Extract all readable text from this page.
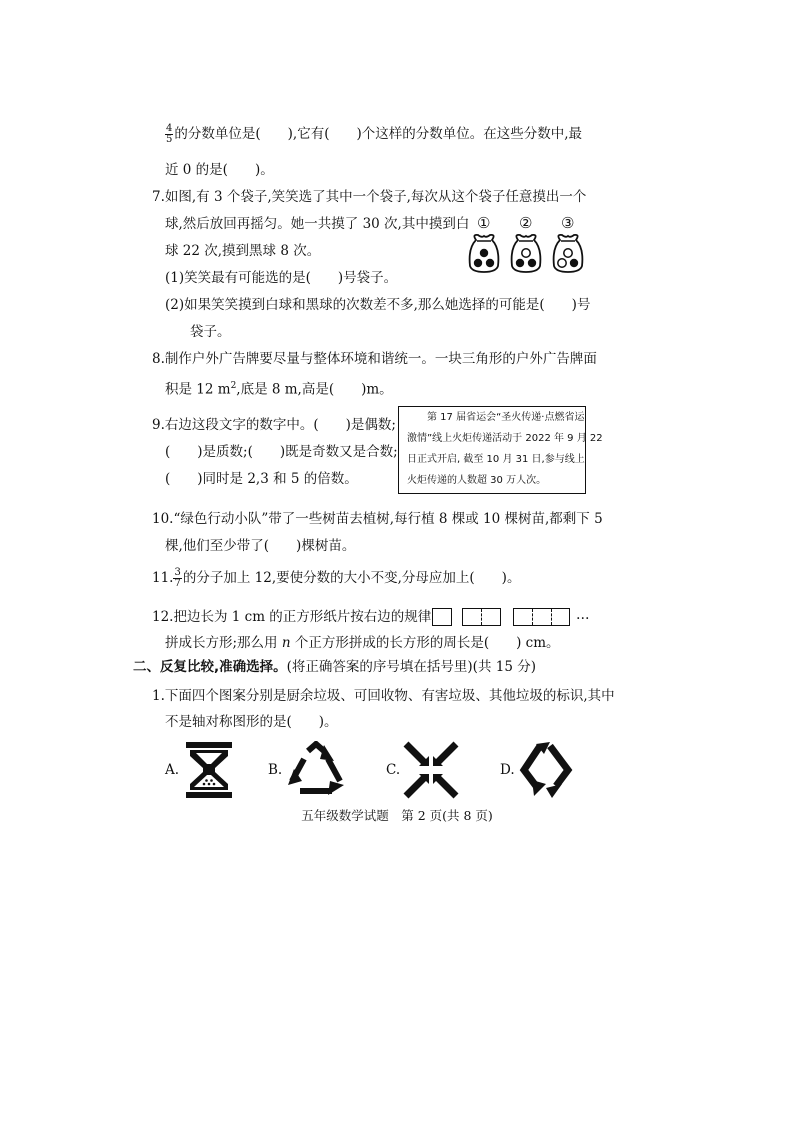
$\frac{4}{5}$ 的分数单位是(　　),它有(　　)个这样的分数单位。在这些分数中,最
近 0 的是(　　)。
7.如图,有 3 个袋子,笑笑选了其中一个袋子,每次从这个袋子任意摸出一个
球,然后放回再摇匀。她一共摸了 30 次,其中摸到白
球 22 次,摸到黑球 8 次。
(1)笑笑最有可能选的是(　　)号袋子。
(2)如果笑笑摸到白球和黑球的次数差不多,那么她选择的可能是(　　)号
袋子。
① ② ③
8.制作户外广告牌要尽量与整体环境和谐统一。一块三角形的户外广告牌面
积是 12 $m^2$,底是 8 m,高是(　　)m。
9.右边这段文字的数字中。(　　)是偶数;
(　　)是质数;(　　)既是奇数又是合数;
(　　)同时是 2,3 和 5 的倍数。
第 17 届省运会“圣火传递·点燃省运
激情”线上火炬传递活动于 2022 年 9 月 22
日正式开启, 截至 10 月 31 日,参与线上
火炬传递的人数超 30 万人次。
10.“绿色行动小队”带了一些树苗去植树,每行植 8 棵或 10 棵树苗,都剩下 5
棵,他们至少带了(　　)棵树苗。
11. $\frac{3}{7}$ 的分子加上 12,要使分数的大小不变,分母应加上(　　)。
12.把边长为 1 cm 的正方形纸片按右边的规律	…
拼成长方形;那么用 n 个正方形拼成的长方形的周长是(　　) cm。
二、反复比较,准确选择。(将正确答案的序号填在括号里)(共 15 分)
1.下面四个图案分别是厨余垃圾、可回收物、有害垃圾、其他垃圾的标识,其中
不是轴对称图形的是(　　)。
A.	B.	C.	D.
五年级数学试题　第 2 页(共 8 页)
